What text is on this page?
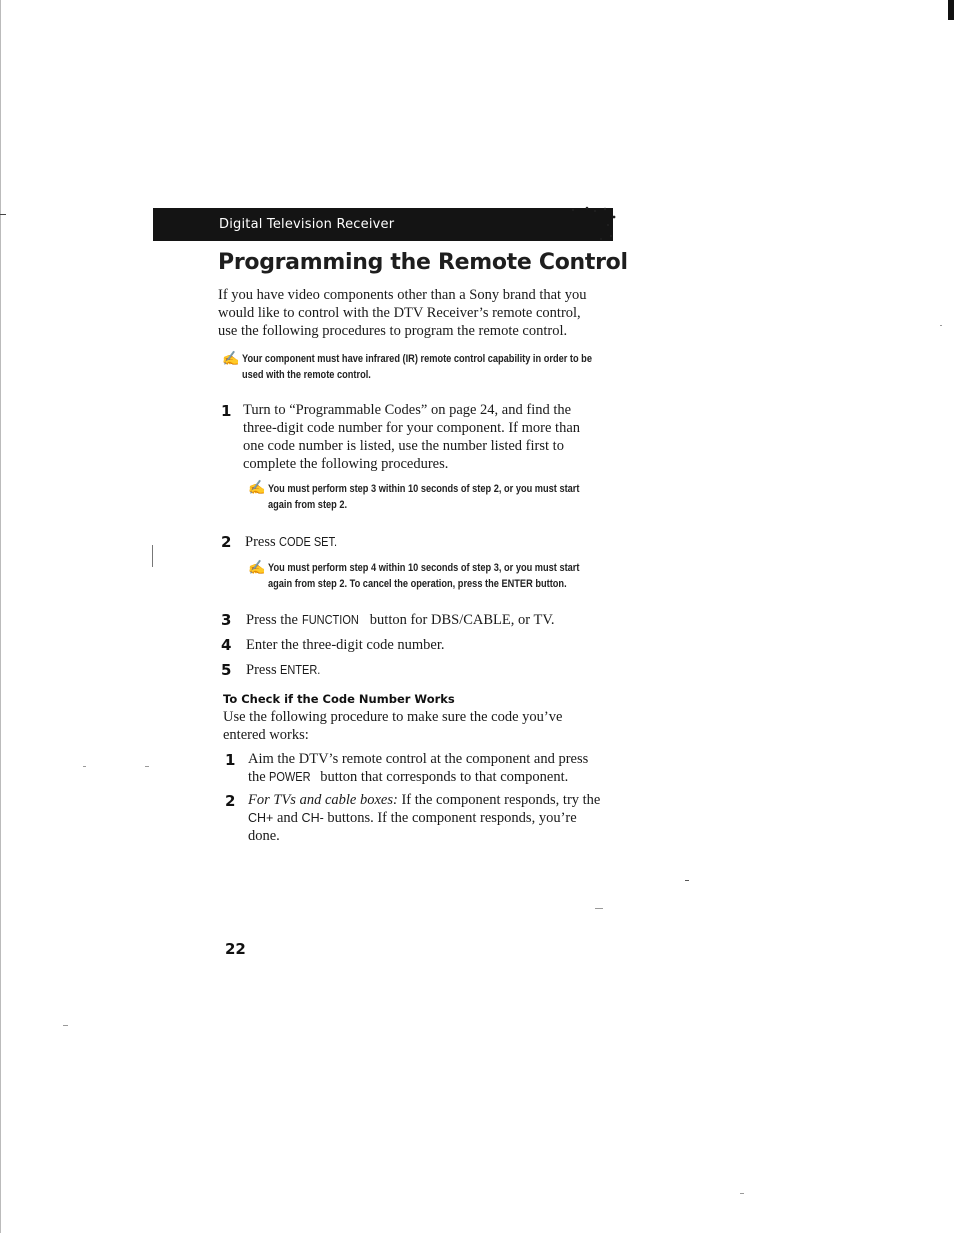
Digital Television Receiver
Programming the Remote Control
If you have video components other than a Sony brand that you
would like to control with the DTV Receiver’s remote control,
use the following procedures to program the remote control.
✍ Your component must have infrared (IR) remote control capability in order to be
used with the remote control.
1 Turn to “Programmable Codes” on page 24, and find the
three-digit code number for your component. If more than
one code number is listed, use the number listed first to
complete the following procedures.
✍ You must perform step 3 within 10 seconds of step 2, or you must start
again from step 2.
2 Press CODE SET.
✍ You must perform step 4 within 10 seconds of step 3, or you must start
again from step 2. To cancel the operation, press the ENTER button.
3 Press the FUNCTION button for DBS/CABLE, or TV.
4 Enter the three-digit code number.
5 Press ENTER.
To Check if the Code Number Works
Use the following procedure to make sure the code you’ve
entered works:
1 Aim the DTV’s remote control at the component and press
the POWER button that corresponds to that component.
2 For TVs and cable boxes: If the component responds, try the
CH+ and CH- buttons. If the component responds, you’re
done.
22
